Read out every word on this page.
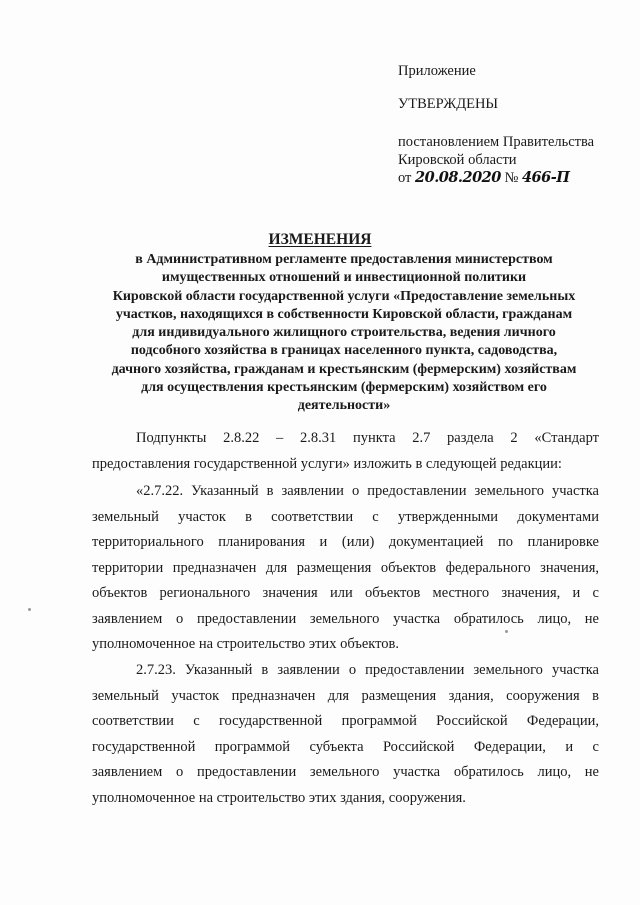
Приложение
УТВЕРЖДЕНЫ
постановлением Правительства
Кировской области
от 20.08.2020 № 466-П
ИЗМЕНЕНИЯ
в Административном регламенте предоставления министерством
имущественных отношений и инвестиционной политики
Кировской области государственной услуги «Предоставление земельных
участков, находящихся в собственности Кировской области, гражданам
для индивидуального жилищного строительства, ведения личного
подсобного хозяйства в границах населенного пункта, садоводства,
дачного хозяйства, гражданам и крестьянским (фермерским) хозяйствам
для осуществления крестьянским (фермерским) хозяйством его
деятельности»
Подпункты 2.8.22 – 2.8.31 пункта 2.7 раздела 2 «Стандарт
предоставления государственной услуги» изложить в следующей редакции:
«2.7.22. Указанный в заявлении о предоставлении земельного участка
земельный участок в соответствии с утвержденными документами
территориального планирования и (или) документацией по планировке
территории предназначен для размещения объектов федерального значения,
объектов регионального значения или объектов местного значения, и с
заявлением о предоставлении земельного участка обратилось лицо, не
уполномоченное на строительство этих объектов.
2.7.23. Указанный в заявлении о предоставлении земельного участка
земельный участок предназначен для размещения здания, сооружения в
соответствии с государственной программой Российской Федерации,
государственной программой субъекта Российской Федерации, и с
заявлением о предоставлении земельного участка обратилось лицо, не
уполномоченное на строительство этих здания, сооружения.
